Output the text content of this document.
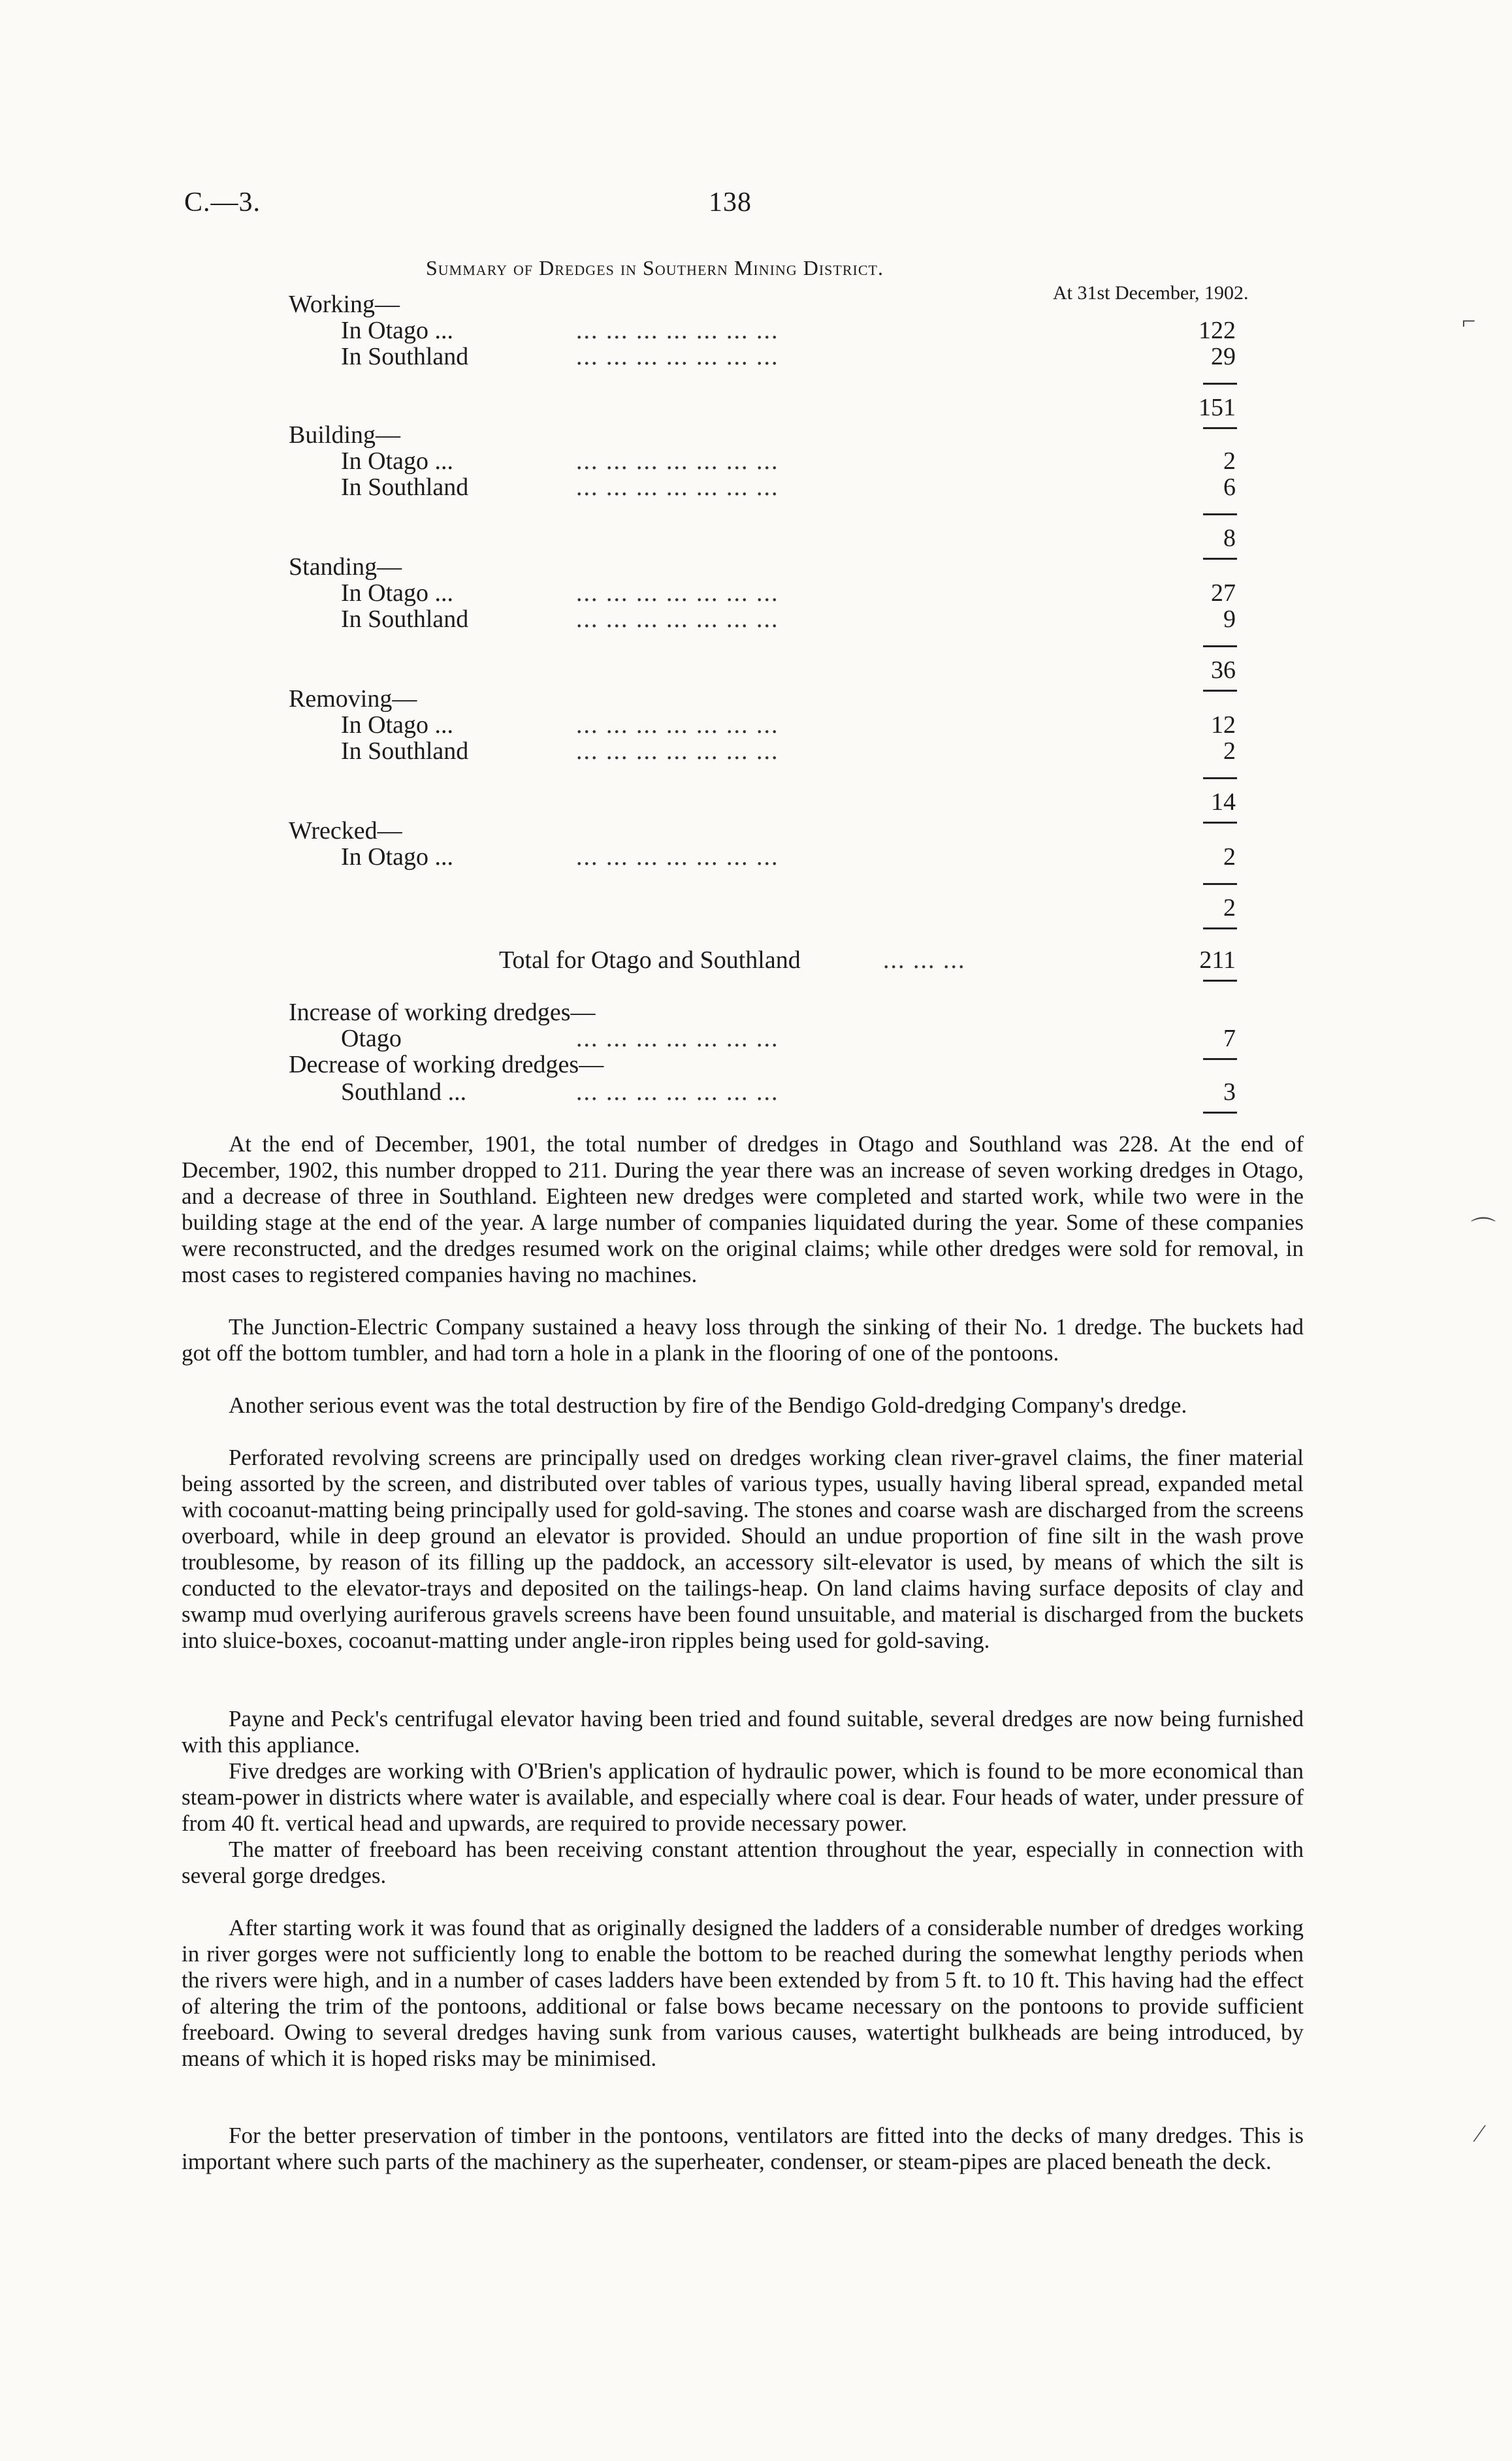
C.—3.	138
Summary of Dredges in Southern Mining District.
At 31st December, 1902.
Working—
In Otago ...	... ... ... ... ... ... ...	122
In Southland	... ... ... ... ... ... ...	29
151
Building—
In Otago ...	... ... ... ... ... ... ...	2
In Southland	... ... ... ... ... ... ...	6
8
Standing—
In Otago ...	... ... ... ... ... ... ...	27
In Southland	... ... ... ... ... ... ...	9
36
Removing—
In Otago ...	... ... ... ... ... ... ...	12
In Southland	... ... ... ... ... ... ...	2
14
Wrecked—
In Otago ...	... ... ... ... ... ... ...	2
2
Total for Otago and Southland	... ... ...	211
Increase of working dredges—
Otago	... ... ... ... ... ... ...	7
Decrease of working dredges—
Southland ...	... ... ... ... ... ... ...	3

At the end of December, 1901, the total number of dredges in Otago and Southland was 228. At the end of December, 1902, this number dropped to 211. During the year there was an increase of seven working dredges in Otago, and a decrease of three in Southland. Eighteen new dredges were completed and started work, while two were in the building stage at the end of the year. A large number of companies liquidated during the year. Some of these companies were reconstructed, and the dredges resumed work on the original claims; while other dredges were sold for removal, in most cases to registered companies having no machines.

The Junction-Electric Company sustained a heavy loss through the sinking of their No. 1 dredge. The buckets had got off the bottom tumbler, and had torn a hole in a plank in the flooring of one of the pontoons.

Another serious event was the total destruction by fire of the Bendigo Gold-dredging Company's dredge.

Perforated revolving screens are principally used on dredges working clean river-gravel claims, the finer material being assorted by the screen, and distributed over tables of various types, usually having liberal spread, expanded metal with cocoanut-matting being principally used for gold-saving. The stones and coarse wash are discharged from the screens overboard, while in deep ground an elevator is provided. Should an undue proportion of fine silt in the wash prove troublesome, by reason of its filling up the paddock, an accessory silt-elevator is used, by means of which the silt is conducted to the elevator-trays and deposited on the tailings-heap. On land claims having surface deposits of clay and swamp mud overlying auriferous gravels screens have been found unsuitable, and material is discharged from the buckets into sluice-boxes, cocoanut-matting under angle-iron ripples being used for gold-saving.

Payne and Peck's centrifugal elevator having been tried and found suitable, several dredges are now being furnished with this appliance.

Five dredges are working with O'Brien's application of hydraulic power, which is found to be more economical than steam-power in districts where water is available, and especially where coal is dear. Four heads of water, under pressure of from 40 ft. vertical head and upwards, are required to provide necessary power.

The matter of freeboard has been receiving constant attention throughout the year, especially in connection with several gorge dredges.

After starting work it was found that as originally designed the ladders of a considerable number of dredges working in river gorges were not sufficiently long to enable the bottom to be reached during the somewhat lengthy periods when the rivers were high, and in a number of cases ladders have been extended by from 5 ft. to 10 ft. This having had the effect of altering the trim of the pontoons, additional or false bows became necessary on the pontoons to provide sufficient freeboard. Owing to several dredges having sunk from various causes, watertight bulkheads are being introduced, by means of which it is hoped risks may be minimised.

For the better preservation of timber in the pontoons, ventilators are fitted into the decks of many dredges. This is important where such parts of the machinery as the superheater, condenser, or steam-pipes are placed beneath the deck.

⌐
⌒
⁄
